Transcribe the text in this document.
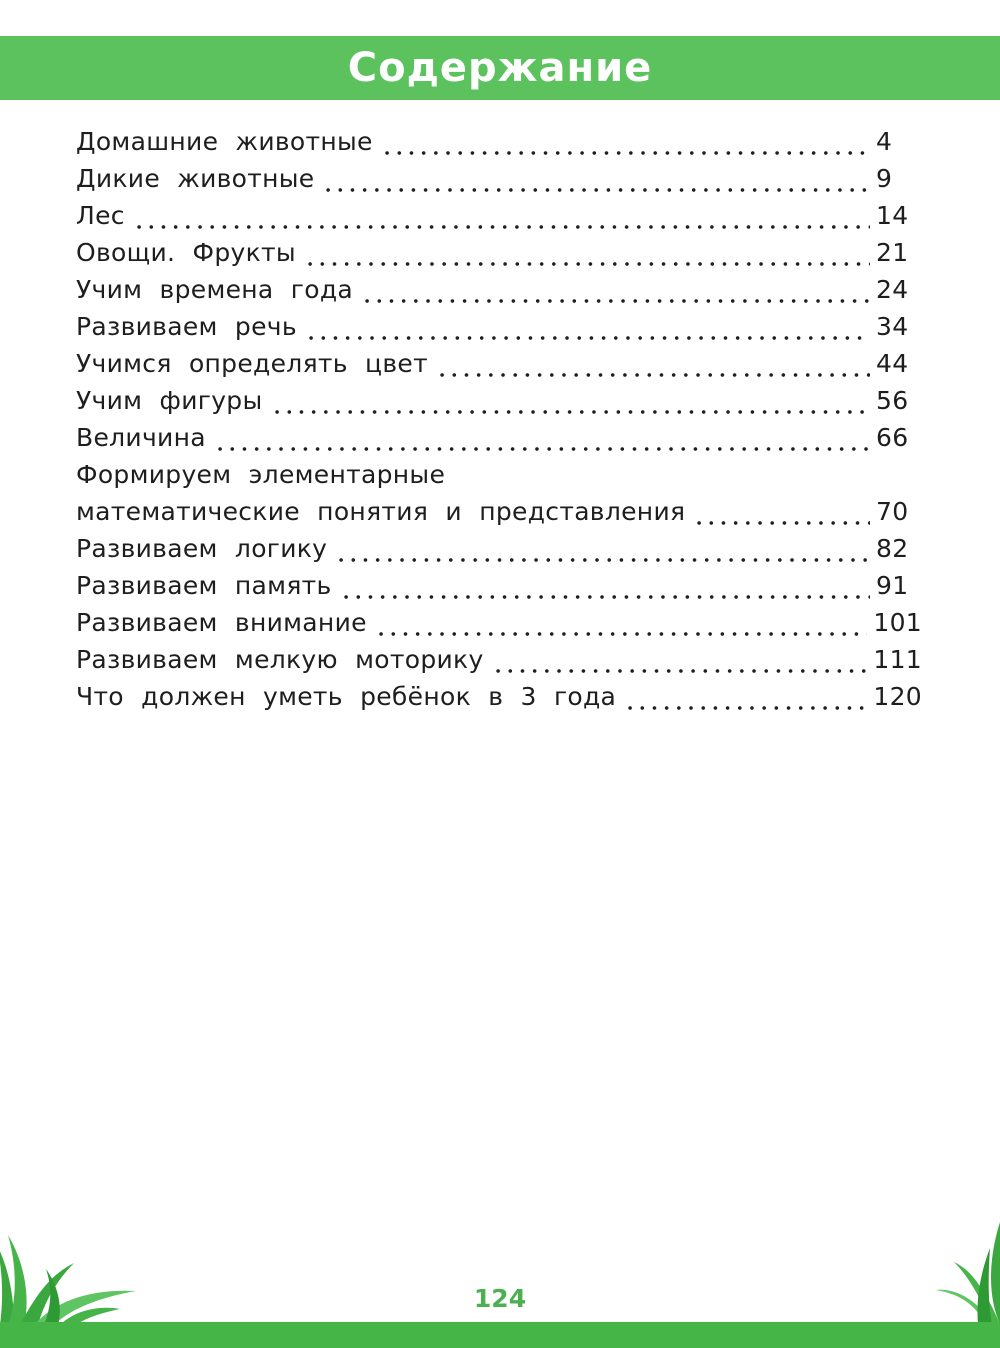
Содержание
Домашние животные	4
Дикие животные	9
Лес	14
Овощи. Фрукты	21
Учим времена года	24
Развиваем речь	34
Учимся определять цвет	44
Учим фигуры	56
Величина	66
Формируем элементарные
математические понятия и представления	70
Развиваем логику	82
Развиваем память	91
Развиваем внимание	101
Развиваем мелкую моторику	111
Что должен уметь ребёнок в 3 года	120
124
